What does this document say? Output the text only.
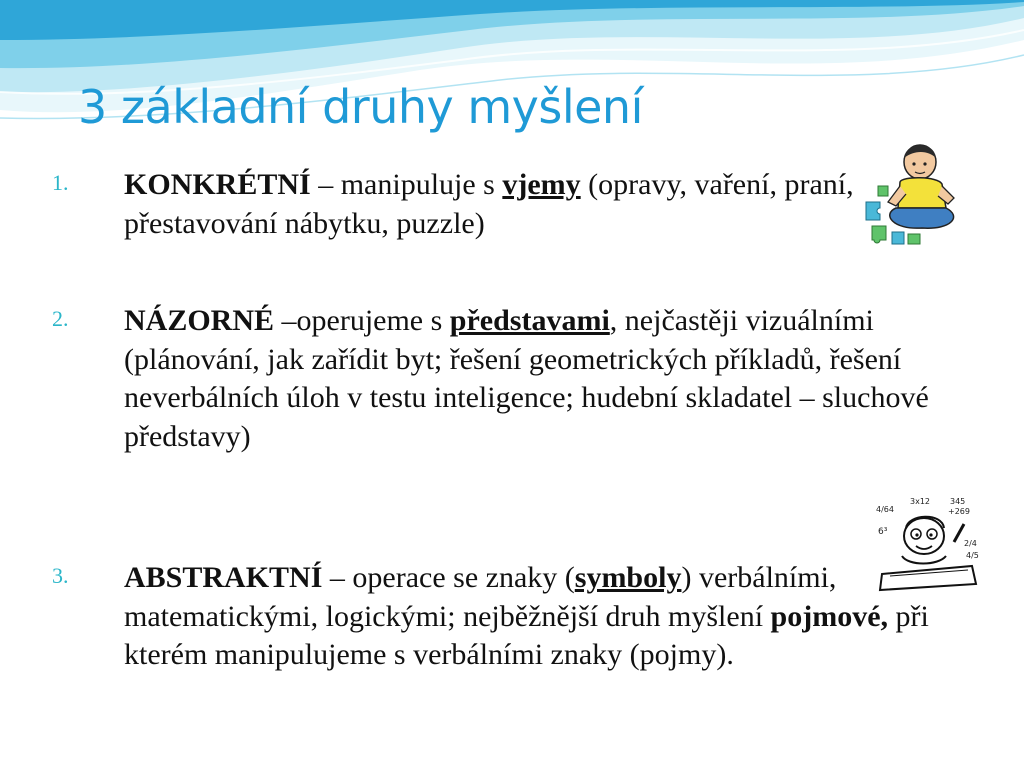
3 základní druhy myšlení
1. KONKRÉTNÍ – manipuluje s vjemy (opravy, vaření, praní, přestavování nábytku, puzzle)
2. NÁZORNÉ –operujeme s představami, nejčastěji vizuálními (plánování, jak zařídit byt; řešení geometrických příkladů, řešení neverbálních úloh v testu inteligence; hudební skladatel – sluchové představy)
3. ABSTRAKTNÍ – operace se znaky (symboly) verbálními, matematickými, logickými; nejběžnější druh myšlení pojmové, při kterém manipulujeme s verbálními znaky (pojmy).
3x12 345
+269
4/64
6³
2/4
4/5
